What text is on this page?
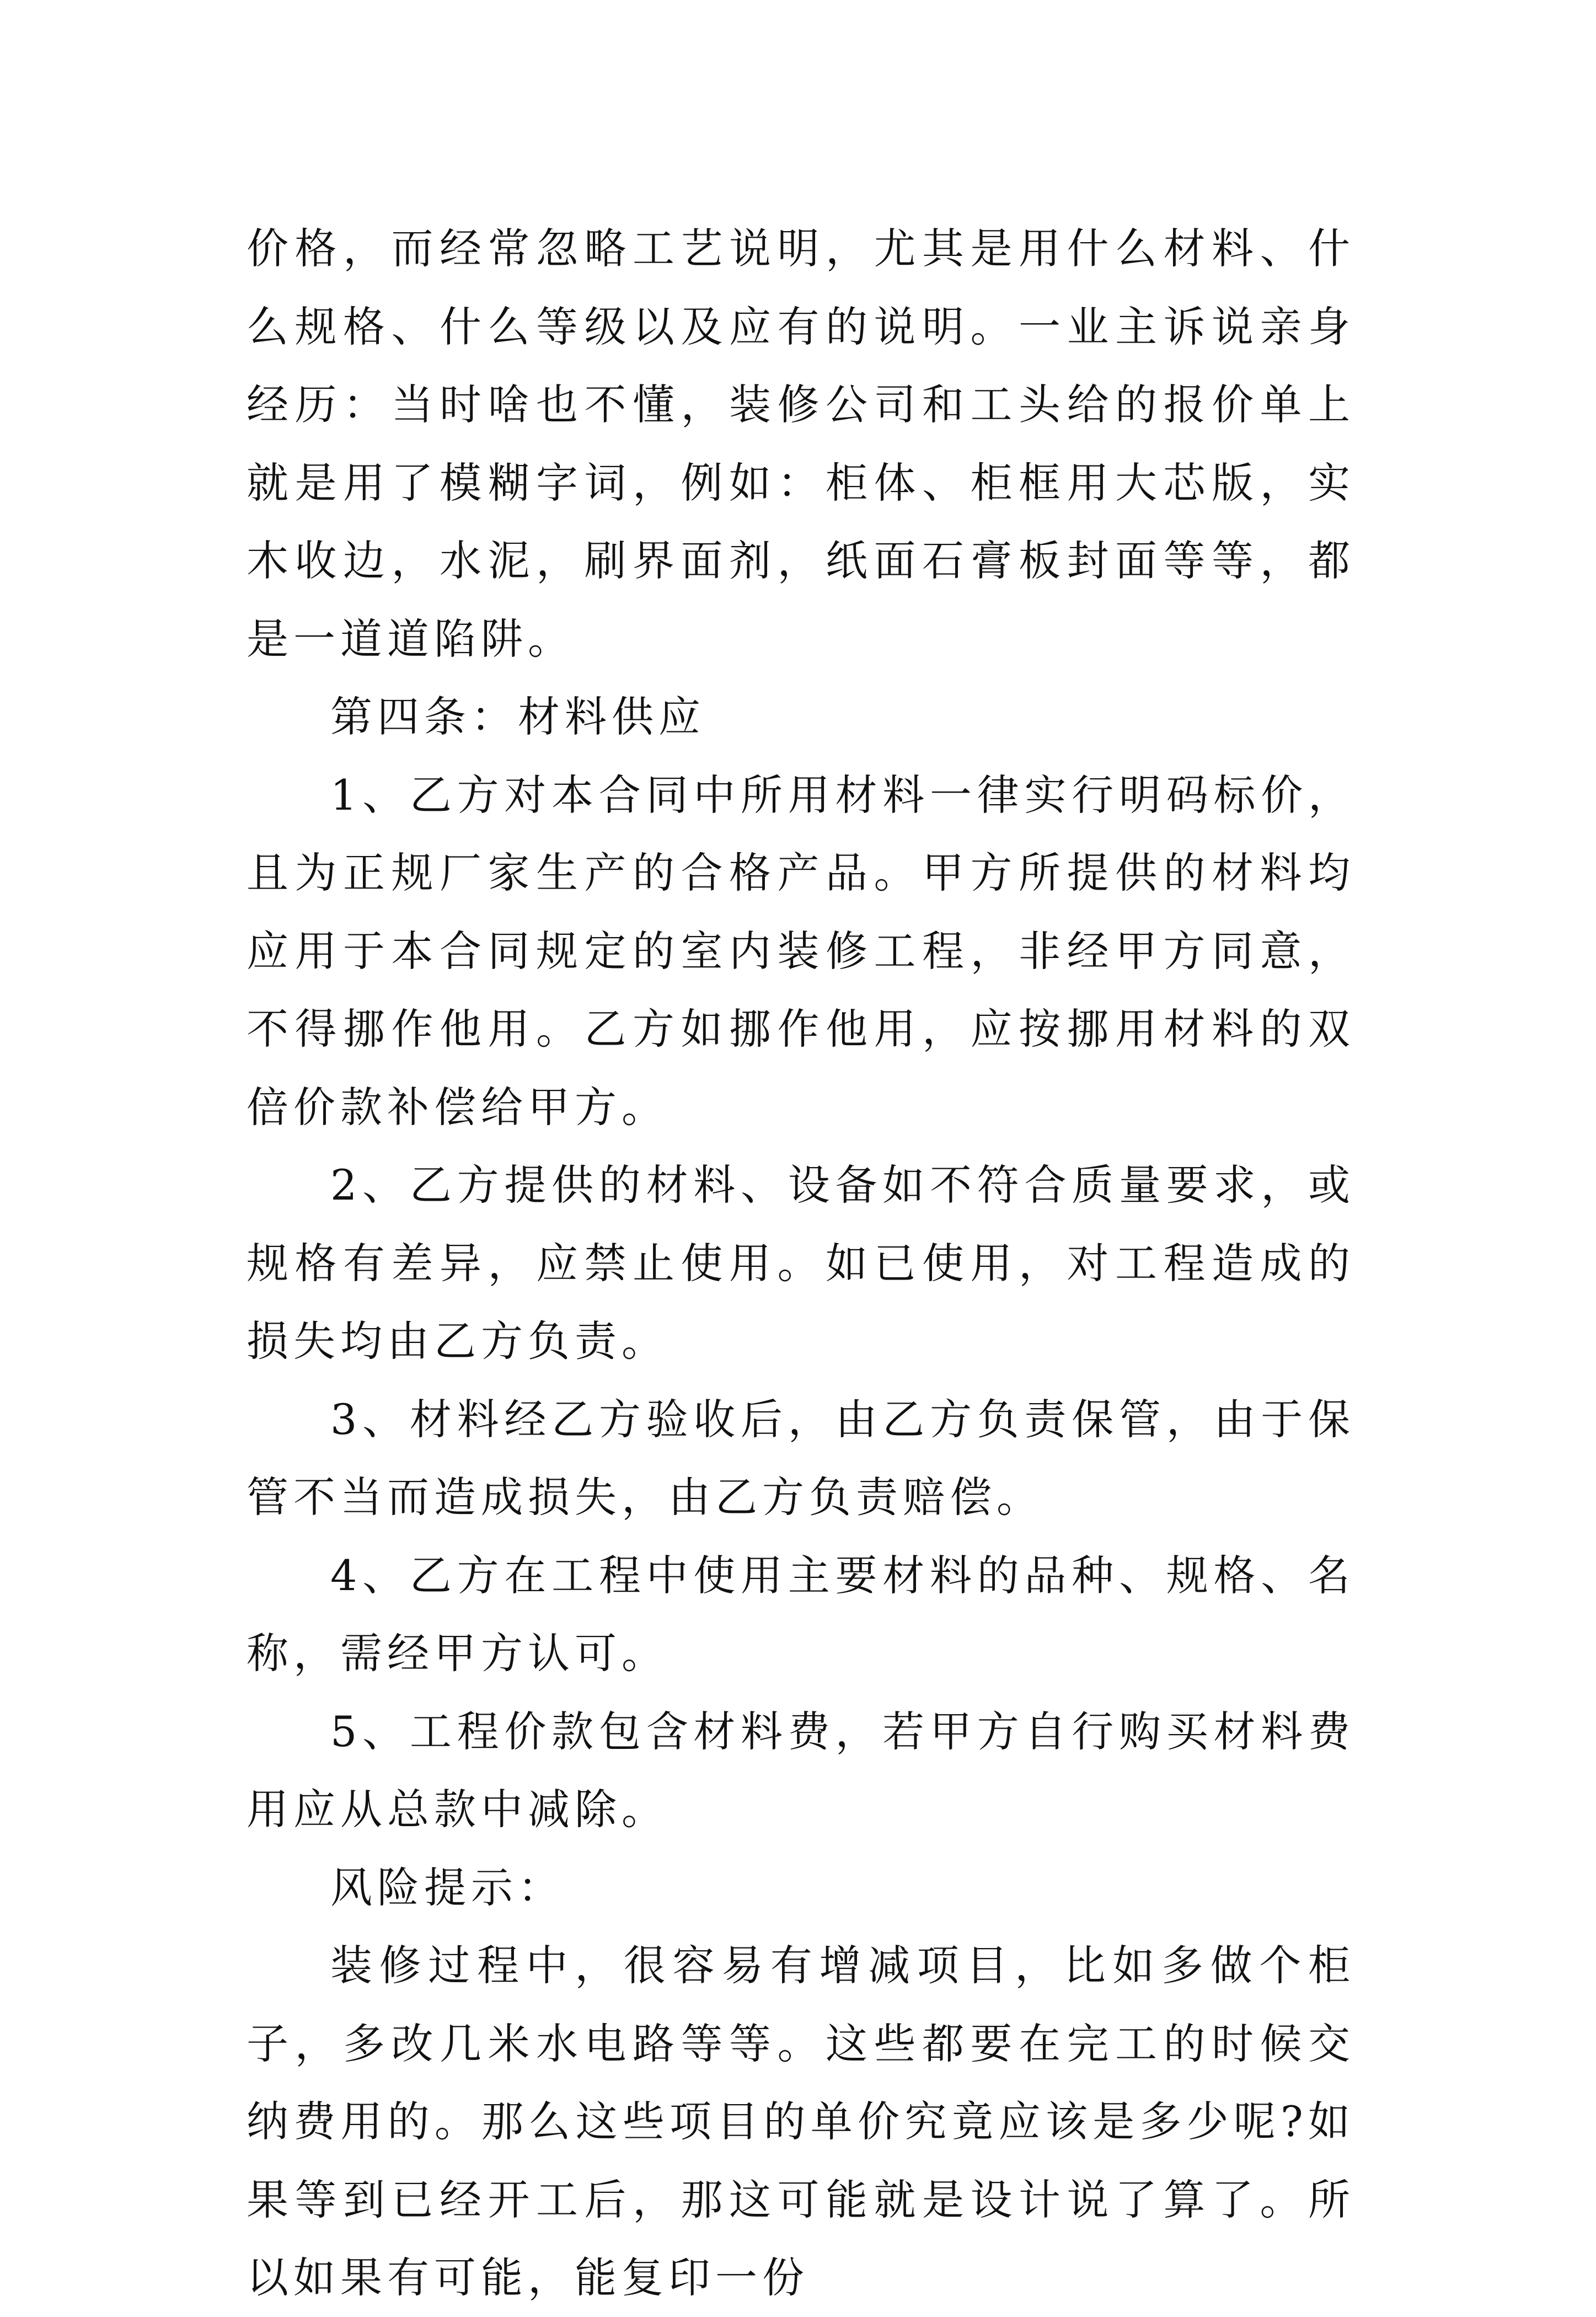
价格，而经常忽略工艺说明，尤其是用什么材料、什么规格、什么等级以及应有的说明。一业主诉说亲身经历：当时啥也不懂，装修公司和工头给的报价单上就是用了模糊字词，例如：柜体、柜框用大芯版，实木收边，水泥，刷界面剂，纸面石膏板封面等等，都是一道道陷阱。

第四条：材料供应

1、乙方对本合同中所用材料一律实行明码标价，且为正规厂家生产的合格产品。甲方所提供的材料均应用于本合同规定的室内装修工程，非经甲方同意，不得挪作他用。乙方如挪作他用，应按挪用材料的双倍价款补偿给甲方。

2、乙方提供的材料、设备如不符合质量要求，或规格有差异，应禁止使用。如已使用，对工程造成的损失均由乙方负责。

3、材料经乙方验收后，由乙方负责保管，由于保管不当而造成损失，由乙方负责赔偿。

4、乙方在工程中使用主要材料的品种、规格、名称，需经甲方认可。

5、工程价款包含材料费，若甲方自行购买材料费用应从总款中减除。

风险提示：

装修过程中，很容易有增减项目，比如多做个柜子，多改几米水电路等等。这些都要在完工的时候交纳费用的。那么这些项目的单价究竟应该是多少呢?如果等到已经开工后，那这可能就是设计说了算了。所以如果有可能，能复印一份
